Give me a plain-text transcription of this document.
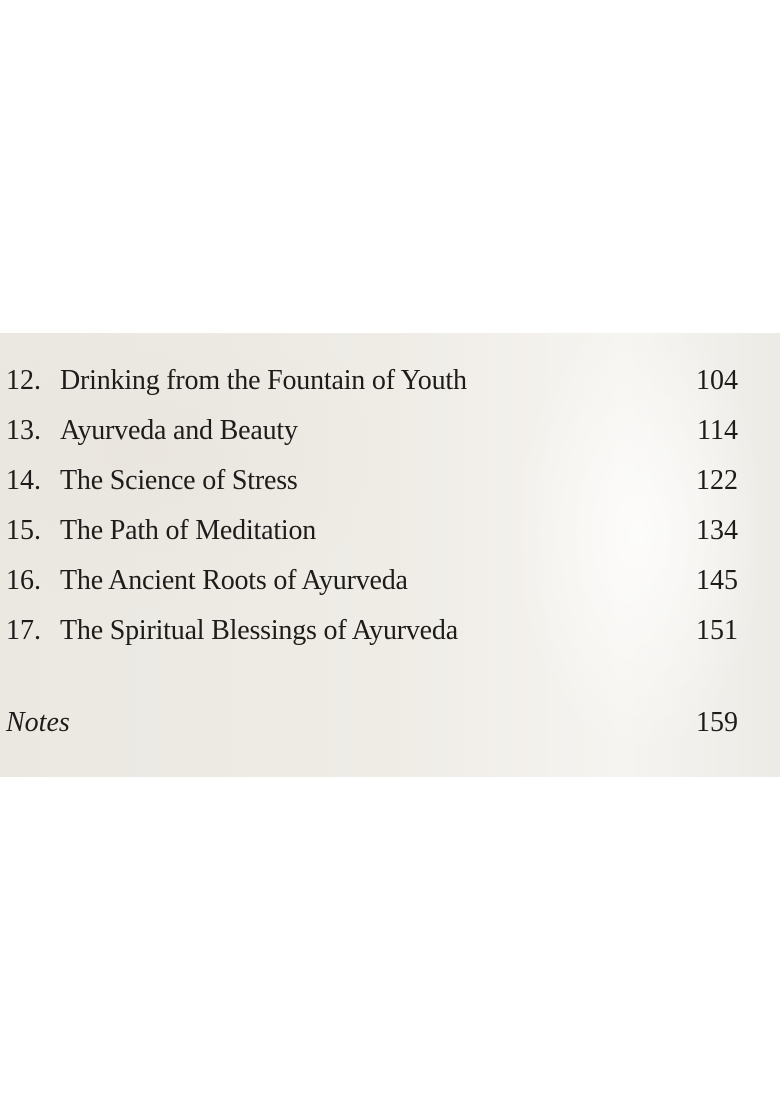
12. Drinking from the Fountain of Youth	104
13. Ayurveda and Beauty	114
14. The Science of Stress	122
15. The Path of Meditation	134
16. The Ancient Roots of Ayurveda	145
17. The Spiritual Blessings of Ayurveda	151
Notes	159
